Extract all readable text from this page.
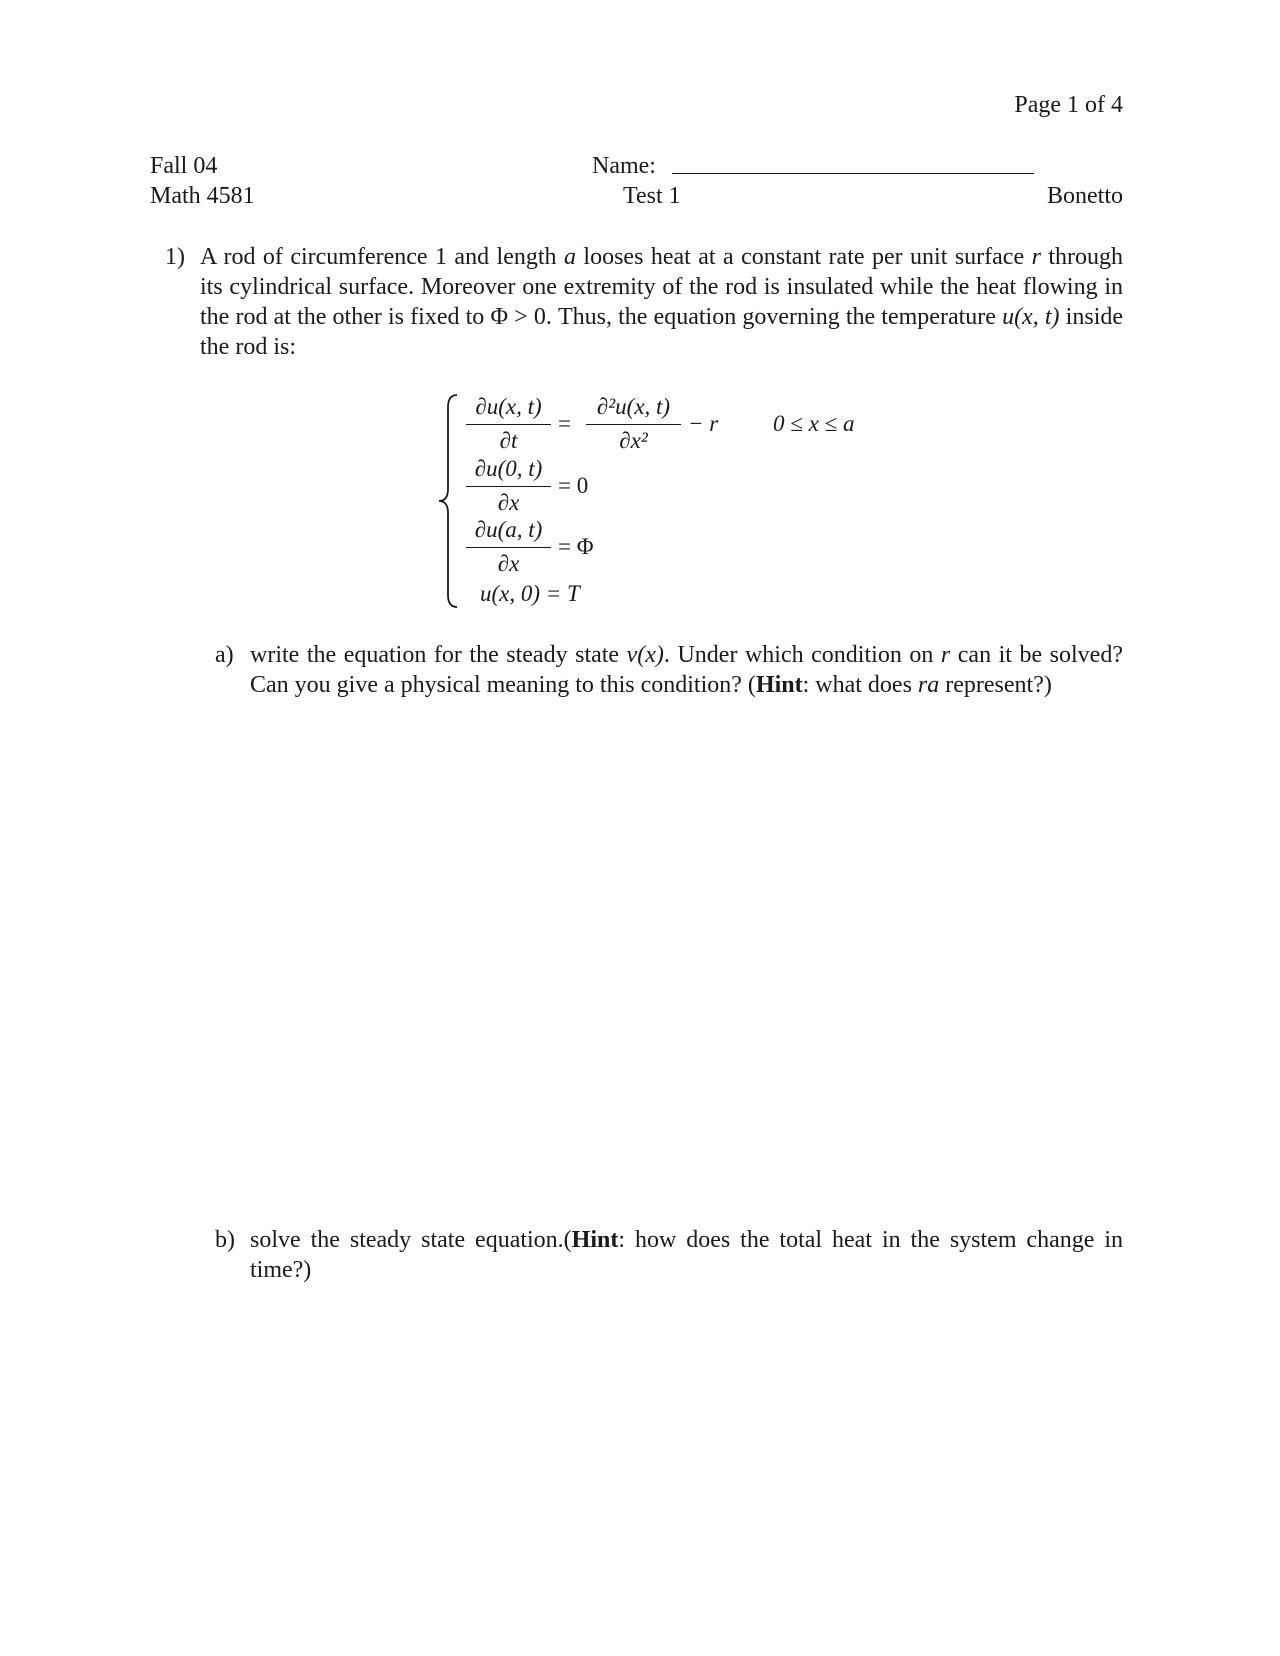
Page 1 of 4
Fall 04
Math 4581
Name:
Test 1	Bonetto
1) A rod of circumference 1 and length a looses heat at a constant rate per unit surface r through its cylindrical surface. Moreover one extremity of the rod is insulated while the heat flowing in the rod at the other is fixed to Φ > 0. Thus, the equation governing the temperature u(x, t) inside the rod is:
∂u(x, t)
∂t
=
∂²u(x, t)
∂x²
− r 0 ≤ x ≤ a
∂u(0, t)
∂x
= 0
∂u(a, t)
∂x
= Φ
u(x, 0) = T
a) write the equation for the steady state v(x). Under which condition on r can it be solved? Can you give a physical meaning to this condition? (Hint: what does ra represent?)
b) solve the steady state equation.(Hint: how does the total heat in the system change in time?)
